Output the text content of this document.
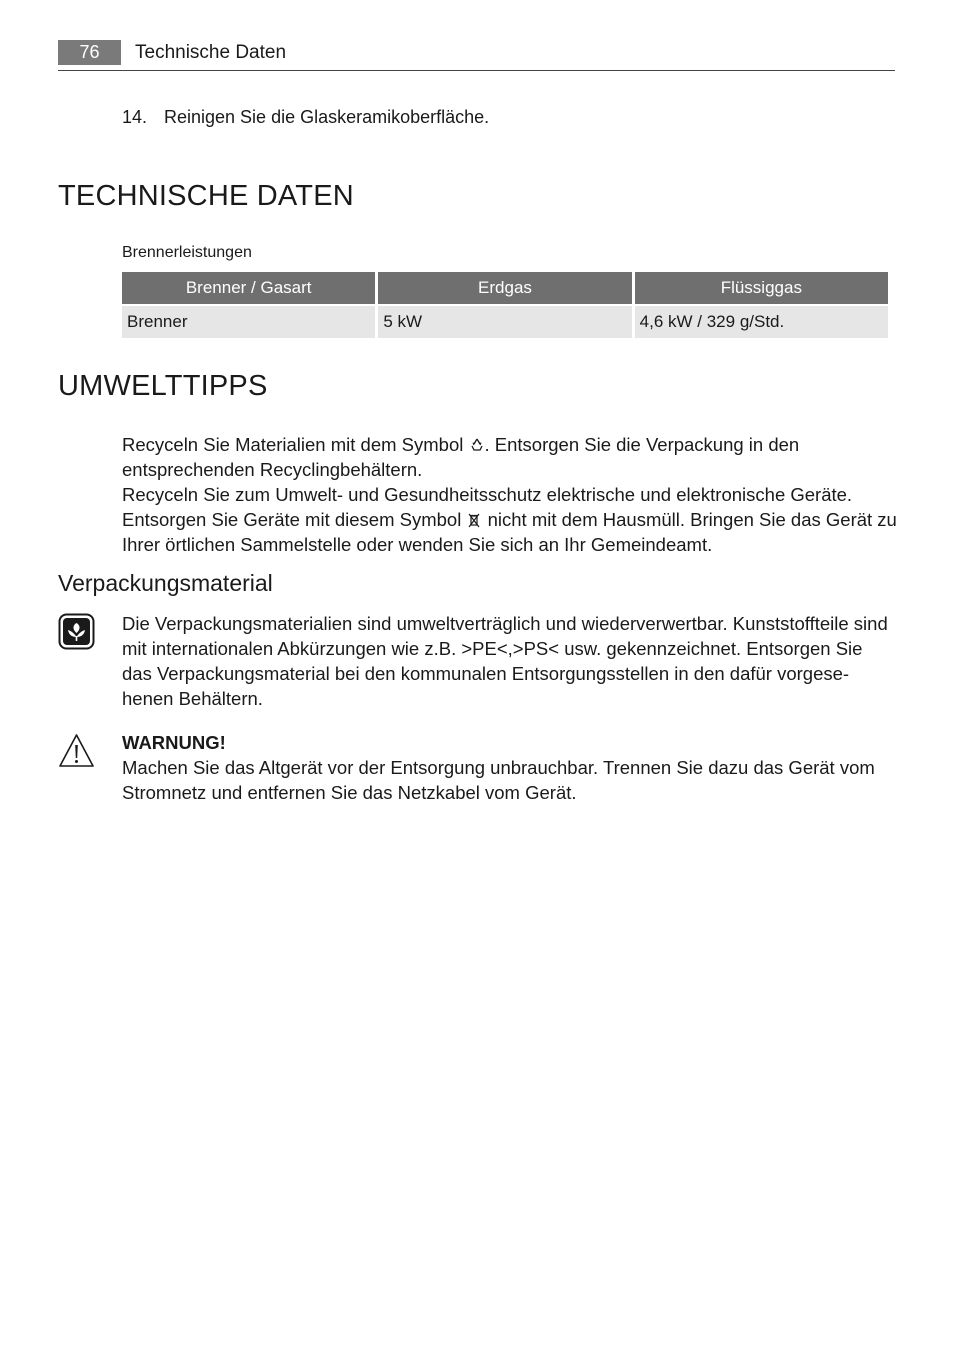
76	Technische Daten
14. Reinigen Sie die Glaskeramikoberfläche.
TECHNISCHE DATEN
Brennerleistungen
Brenner / Gasart	Erdgas	Flüssiggas
Brenner	5 kW	4,6 kW / 329 g/Std.
UMWELTTIPPS

Recyceln Sie Materialien mit dem Symbol . Entsorgen Sie die Verpackung in den entsprechenden Recyclingbehältern.

Recyceln Sie zum Umwelt- und Gesundheitsschutz elektrische und elektronische Geräte.

Entsorgen Sie Geräte mit diesem Symbol nicht mit dem Hausmüll. Bringen Sie das Gerät zu Ihrer örtlichen Sammelstelle oder wenden Sie sich an Ihr Gemeindeamt.

Verpackungsmaterial

Die Verpackungsmaterialien sind umweltverträglich und wiederverwertbar. Kunststoffteile sind mit internationalen Abkürzungen wie z.B. >PE<,>PS< usw. gekennzeichnet. Entsorgen Sie das Verpackungsmaterial bei den kommunalen Entsorgungsstellen in den dafür vorgese-henen Behältern.

WARNUNG!

Machen Sie das Altgerät vor der Entsorgung unbrauchbar. Trennen Sie dazu das Gerät vom Stromnetz und entfernen Sie das Netzkabel vom Gerät.
